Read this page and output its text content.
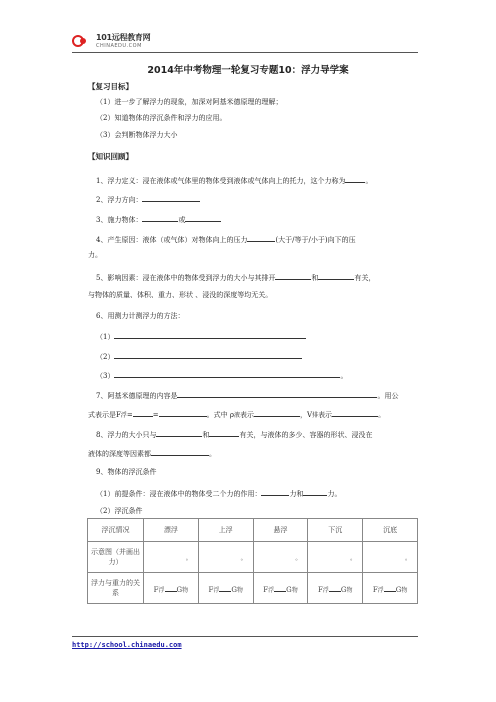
101远程教育网
CHINAEDU.COM
2014年中考物理一轮复习专题10：浮力导学案
【复习目标】
（1）进一步了解浮力的现象，加深对阿基米德原理的理解；
（2）知道物体的浮沉条件和浮力的应用。
（3）会判断物体浮力大小
【知识回顾】
1、浮力定义：浸在液体或气体里的物体受到液体或气体向上的托力，这个力称为	。
2、浮力方向：
3、施力物体：	或
4、产生原因：液体（或气体）对物体向上的压力	(大于/等于/小于)向下的压
力。
5、影响因素：浸在液体中的物体受到浮力的大小与其排开	和	有关，
与物体的质量、体积、重力、形状 、浸没的深度等均无关。
6、用测力计测浮力的方法：
（1）
（2）
（3）	。
7、阿基米德原理的内容是	。用公
式表示是F浮=	=	。式中 ρ液表示	，V排表示	。
8、浮力的大小只与	和	有关，与液体的多少、容器的形状、浸没在
液体的深度等因素都	。
9、物体的浮沉条件
（1）前提条件：浸在液体中的物体受二个力的作用：	力和	力。
（2）浮沉条件
浮沉情况	漂浮	上浮	悬浮	下沉	沉底
示意图（并画出力）	。	。	。	。	。

浮力与重力的关系	F浮 G物	F浮 G物	F浮 G物	F浮 G物	F浮 G物
http://school.chinaedu.com
